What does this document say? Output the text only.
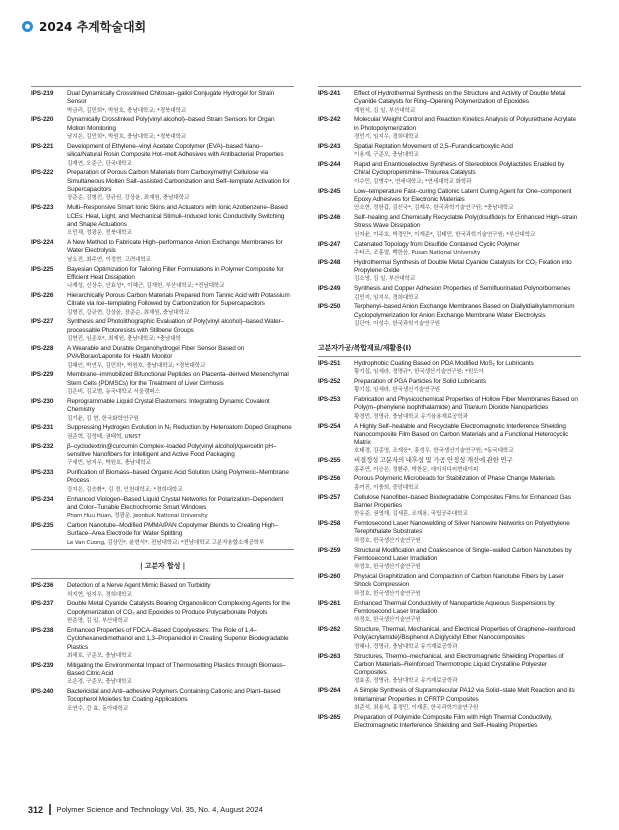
2024 추계학술대회
IPS-219	Dual Dynamically Crosslinked Chitosan–gallol Conjugate Hydrogel for Strain Sensor
박금리, 김민희*, 박원호, 충남대학교; *경북대학교
IPS-220	Dynamically Crosslinked Poly(vinyl alcohol)–based Strain Sensors for Organ Motion Monitoring
남지은, 김민희*, 박원호, 충남대학교; *경북대학교
IPS-221	Development of Ethylene–vinyl Acetate Copolymer (EVA)–based Nano–silica/Natural Rosin Composite Hot–melt Adhesives with Antibacterial Properties
김재연, 오준근, 단국대학교
IPS-222	Preparation of Porous Carbon Materials from Carboxymethyl Cellulose via Simultaneous Molten Salt–assisted Carbonization and Self–template Activation for Supercapacitors
장준순, 김형진, 장규원, 강상윤, 최재원, 충남대학교
IPS-223	Multi–Responsive Smart Ionic Skins and Actuators with Ionic Azobenzene–Based LCEs: Heat, Light, and Mechanical Stimuli–Induced Ionic Conductivity Switching and Shape Actuations
오민채, 정광운, 전북대학교
IPS-224	A New Method to Fabricate High–performance Anion Exchange Membranes for Water Electrolysis
남요진, 최주연, 이정현, 고려대학교
IPS-225	Bayesian Optimization for Tailoring Filler Formulations in Polymer Composite for Efficient Heat Dissipation
나재성, 신상수, 안효성*, 이혜근, 김재헌, 부산대학교; *전남대학교
IPS-226	Hierarchically Porous Carbon Materials Prepared from Tannic Acid with Potassium Citrate via Ice–templating Followed by Carbonization for Supercapacitors
김형진, 강규현, 강상윤, 장준순, 최재원, 충남대학교
IPS-227	Synthesis and Photolithographic Evaluation of Poly(vinyl alcohol)–based Water–processable Photoresists with Stilbene Groups
김현진, 임준호*, 최재원, 충남대학교; *충남대학
IPS-228	A Wearable and Durable Organohydrogel Fiber Sensor Based on PVA/Borax/Laponite for Health Monitor
김혜인, 박연우, 김민희*, 박원호, 충남대학교; *경북대학교
IPS-229	Membrane–immobilized Bifunctional Peptides on Placenta–derived Mesenchymal Stem Cells (PDMSCs) for the Treatment of Liver Cirrhosis
김은비, 김교범, 동국대학교 서울캠퍼스
IPS-230	Reprogrammable Liquid Crystal Elastomers: Integrating Dynamic Covalent Chemistry
김기윤, 김 현, 한국화학연구원
IPS-231	Suppressing Hydrogen Evolution in N₂ Reduction by Heteroatom Doped Graphene
권준혁, 김성태, 권태혁, UNIST
IPS-232	β–cyclodextrin@curcumin Complex–loaded Poly(vinyl alcohol)/quercetin pH–sensitive Nanofibers for Intelligent and Active Food Packaging
구세빈, 남지우, 박원호, 충남대학교
IPS-233	Purification of Biomass–based Organic Acid Solution Using Polymeric–Membrane Process
강지은, 김승환*, 김 경, 인천대학교; *경희대학교
IPS-234	Enhanced Viologen–Based Liquid Crystal Networks for Polarization–Dependent and Color–Tunable Electrochromic Smart Windows
Pham Huu Huan, 정광운, Jeonbuk National University
IPS-235	Carbon Nanotube–Modified PMMA/PAN Copolymer Blends to Creating High–Surface–Area Electrode for Water Splitting
Le Van Cuong, 김상민*, 윤현석*, 전남대학교; *전남대학교 고분자융합소재공학부
| 고분자 합성 |
IPS-236	Detection of a Nerve Agent Mimic Based on Turbidity
허지현, 임지우, 경희대학교
IPS-237	Double Metal Cyanide Catalysts Bearing Organosilicon Complexing Agents for the Copolymerization of CO₂ and Epoxides to Produce Polycarbonate Polyols
한준영, 김 일, 부산대학교
IPS-238	Enhanced Properties of FDCA–Based Copolyesters: The Role of 1,4–Cyclohexanedimethanol and 1,3–Propanediol in Creating Superior Biodegradable Plastics
최세호, 구준모, 충남대학교
IPS-239	Mitigating the Environmental Impact of Thermosetting Plastics through Biomass–Based Citric Acid
조은경, 구준모, 충남대학교
IPS-240	Bactericidal and Anti–adhesive Polymers Containing Cationic and Plant–based Tocopherol Moieties for Coating Applications
조연수, 강 효, 동아대학교
IPS-241	Effect of Hydrothermal Synthesis on the Structure and Activity of Double Metal Cyanide Catalysts for Ring–Opening Polymerization of Epoxides
계원석, 김 일, 부산대학교
IPS-242	Molecular Weight Control and Reaction Kinetics Analysis of Polyurethane Acrylate in Photopolymerization
경민기, 임지우, 경희대학교
IPS-243	Spatial Reptation Movement of 2,5–Furandicarboxylic Acid
이용재, 구준모, 충남대학교
IPS-244	Rapid and Enantioselective Synthesis of Stereoblock Polylactides Enabled by Chiral Cyclopropenimine–Thiourea Catalysts
이수민, 김병수*, 연세대학교; *연세대학교 화학과
IPS-245	Low–temperature Fast–curing Cationic Latent Curing Agent for One–component Epoxy Adhesives for Electronic Materials
안소현, 정한갑, 김선국*, 김제우, 한국과학기술연구원; *충남대학교
IPS-246	Self–healing and Chemically Recyclable Poly(disulfide)s for Enhanced High–strain Stress Wave Dissipation
신지윤, 이주호, 박경민*, 이재준*, 김태민, 한국과학기술연구원; *부산대학교
IPS-247	Catenated Topology from Disulfide Contained Cyclic Polymer
수타즈, 조홍열, 백한음, Pusan National University
IPS-248	Hydrothermal Synthesis of Double Metal Cyanide Catalysts for CO₂ Fixation into Propylene Oxide
김소영, 김 일, 부산대학교
IPS-249	Synthesis and Copper Adhesion Properties of Semifluorinated Polynorbornenes
김민지, 임지우, 경희대학교
IPS-250	Terphenyl–based Anion Exchange Membranes Based on Diallyldialkylammonium Cyclopolymerization for Anion Exchange Membrane Water Electrolysis
김단아, 이성수, 한국과학기술연구원
고분자가공/복합재료/재활용(I)
IPS-251	Hydrophobic Coating Based on PDA Modified MoS₂ for Lubricants
황기섭, 임세라, 정명규*, 한국생산기술연구원; *원도아
IPS-252	Preparation of PGA Particles for Solid Lubricants
황기섭, 임세라, 한국생산기술연구원
IPS-253	Fabrication and Physicochemical Properties of Hollow Fiber Membranes Based on Poly(m–phenylene isophthalamide) and Titanium Dioxide Nanoparticles
황경민, 정명규, 충남대학교 유기융용재료공학과
IPS-254	A Highly Self–healable and Recyclable Electromagnetic Interference Shielding Nanocomposite Film Based on Carbon Materials and a Functional Heterocyclic Matrix
호태경, 김종영, 조재웅*, 홍성우, 한국생산기술연구원; *동국대학교
IPS-255	비결정성 고분자의 내후성 및 가공 안정성 개선에 관한 연구
홍주연, 이승은, 정환주, 박찬문, 에이치디씨현대이피
IPS-256	Porous Polymeric Microbeads for Stabilization of Phase Change Materials
홍여진, 이충희, 중앙대학교
IPS-257	Cellulose Nanofiber–based Biodegradable Composites Films for Enhanced Gas Barrier Properties
한유준, 권영재, 김세훈, 조재용, 국립공주대학교
IPS-258	Femtosecond Laser Nanowelding of Silver Nanowire Networks on Polyethylene Terephthalate Substrates
하정호, 한국생산기술연구원
IPS-259	Structural Modification and Coalescence of Single–walled Carbon Nanotubes by Femtosecond Laser Irradiation
하정호, 한국생산기술연구원
IPS-260	Physical Graphitization and Compaction of Carbon Nanotube Fibers by Laser Shock Compression
하정호, 한국생산기술연구원
IPS-261	Enhanced Thermal Conductivity of Nanoparticle Aqueous Suspensions by Femtosecond Laser Irradiation
하정호, 한국생산기술연구원
IPS-262	Structure, Thermal, Mechanical, and Electrical Properties of Graphene–reinforced Poly(acrylamide)/Bisphenol A Diglycidyl Ether Nanocomposites
정혜나, 정명규, 충남대학교 유기재료공학과
IPS-263	Structures, Thermo–mechanical, and Electromagnetic Shielding Properties of Carbon Materials–Reinforced Thermotropic Liquid Crystalline Polyester Composites
정효종, 정명규, 충남대학교 유기재료공학과
IPS-264	A Simple Synthesis of Supramolecular PA12 via Solid–state Melt Reaction and its Interlaminar Properties in CFRTP Composites
최준석, 최용석, 홍정민, 이재훈, 한국과학기술연구원
IPS-265	Preparation of Polyimide Composite Film with High Thermal Conductivity, Electromagnetic Interference Shielding and Self–Healing Properties
312 Polymer Science and Technology Vol. 35, No. 4, August 2024
